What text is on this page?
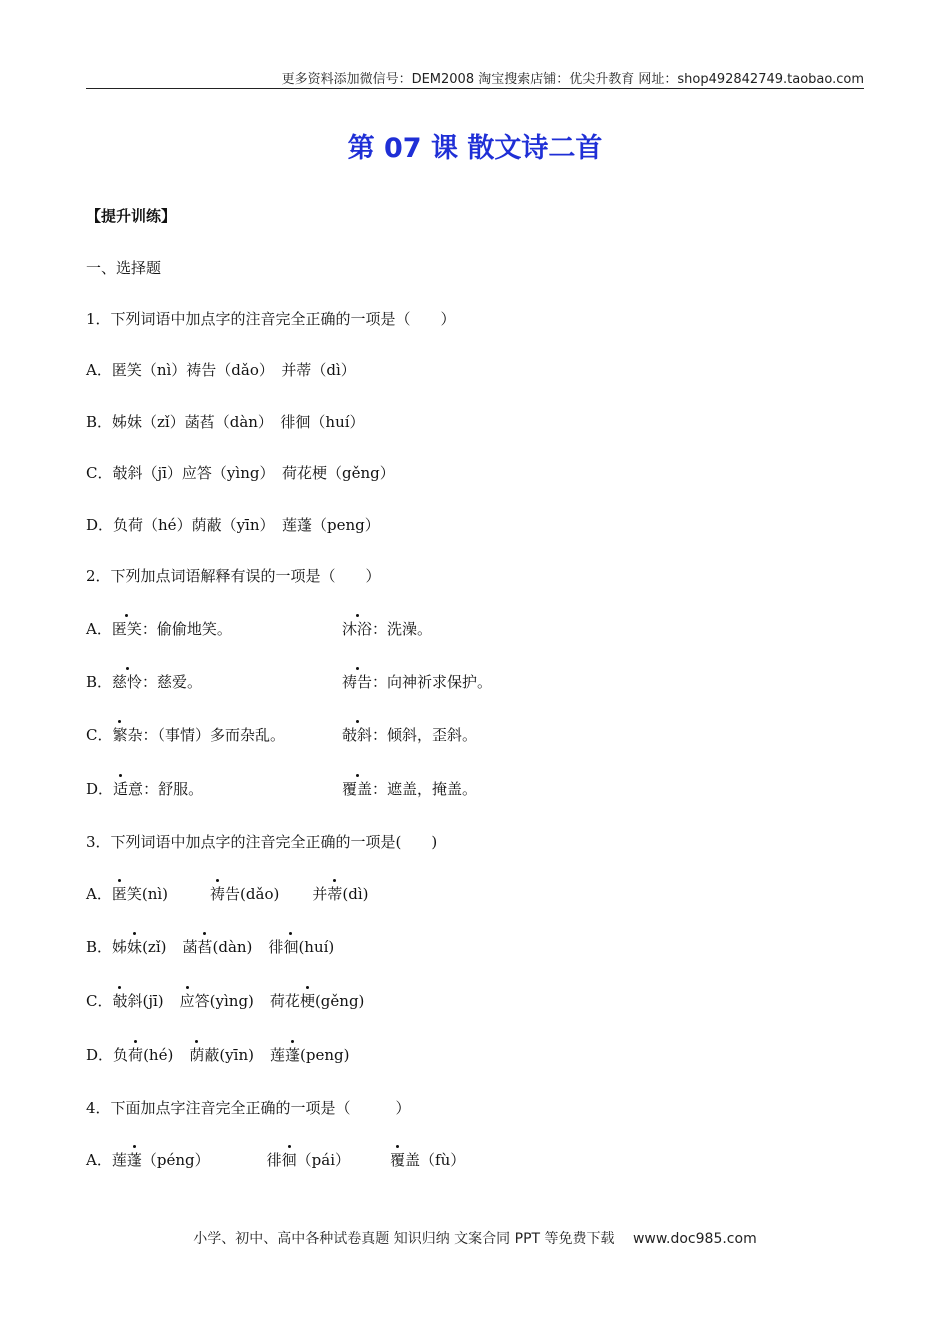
更多资料添加微信号：DEM2008 淘宝搜索店铺：优尖升教育 网址：shop492842749.taobao.com
第 07 课 散文诗二首
【提升训练】
一、选择题
1．下列词语中加点字的注音完全正确的一项是（　　）
A．匿笑（nì）祷告（dǎo）　并蒂（dì）
B．姊妹（zǐ）菡萏（dàn）　徘徊（huí）
C．攲斜（jī）应答（yìng）　荷花梗（gěng）
D．负荷（hé）荫蔽（yīn）　莲蓬（peng）
2．下列加点词语解释有误的一项是（　　）
A．匿笑：偷偷地笑。	沐浴：洗澡。
B．慈怜：慈爱。	祷告：向神祈求保护。
C．繁杂：（事情）多而杂乱。	攲斜：倾斜，歪斜。
D．适意：舒服。	覆盖：遮盖，掩盖。
3．下列词语中加点字的注音完全正确的一项是(　　)
A．匿笑(nì)	祷告(dǎo) 并蒂(dì)
B．姊妹(zǐ) 菡萏(dàn) 徘徊(huí)
C．攲斜(jī) 应答(yìng) 荷花梗(gěng)
D．负荷(hé) 荫蔽(yīn) 莲蓬(peng)
4．下面加点字注音完全正确的一项是（　　　）
A．莲蓬（péng）	徘徊（pái）	覆盖（fù）
小学、初中、高中各种试卷真题 知识归纳 文案合同 PPT 等免费下载　 www.doc985.com
